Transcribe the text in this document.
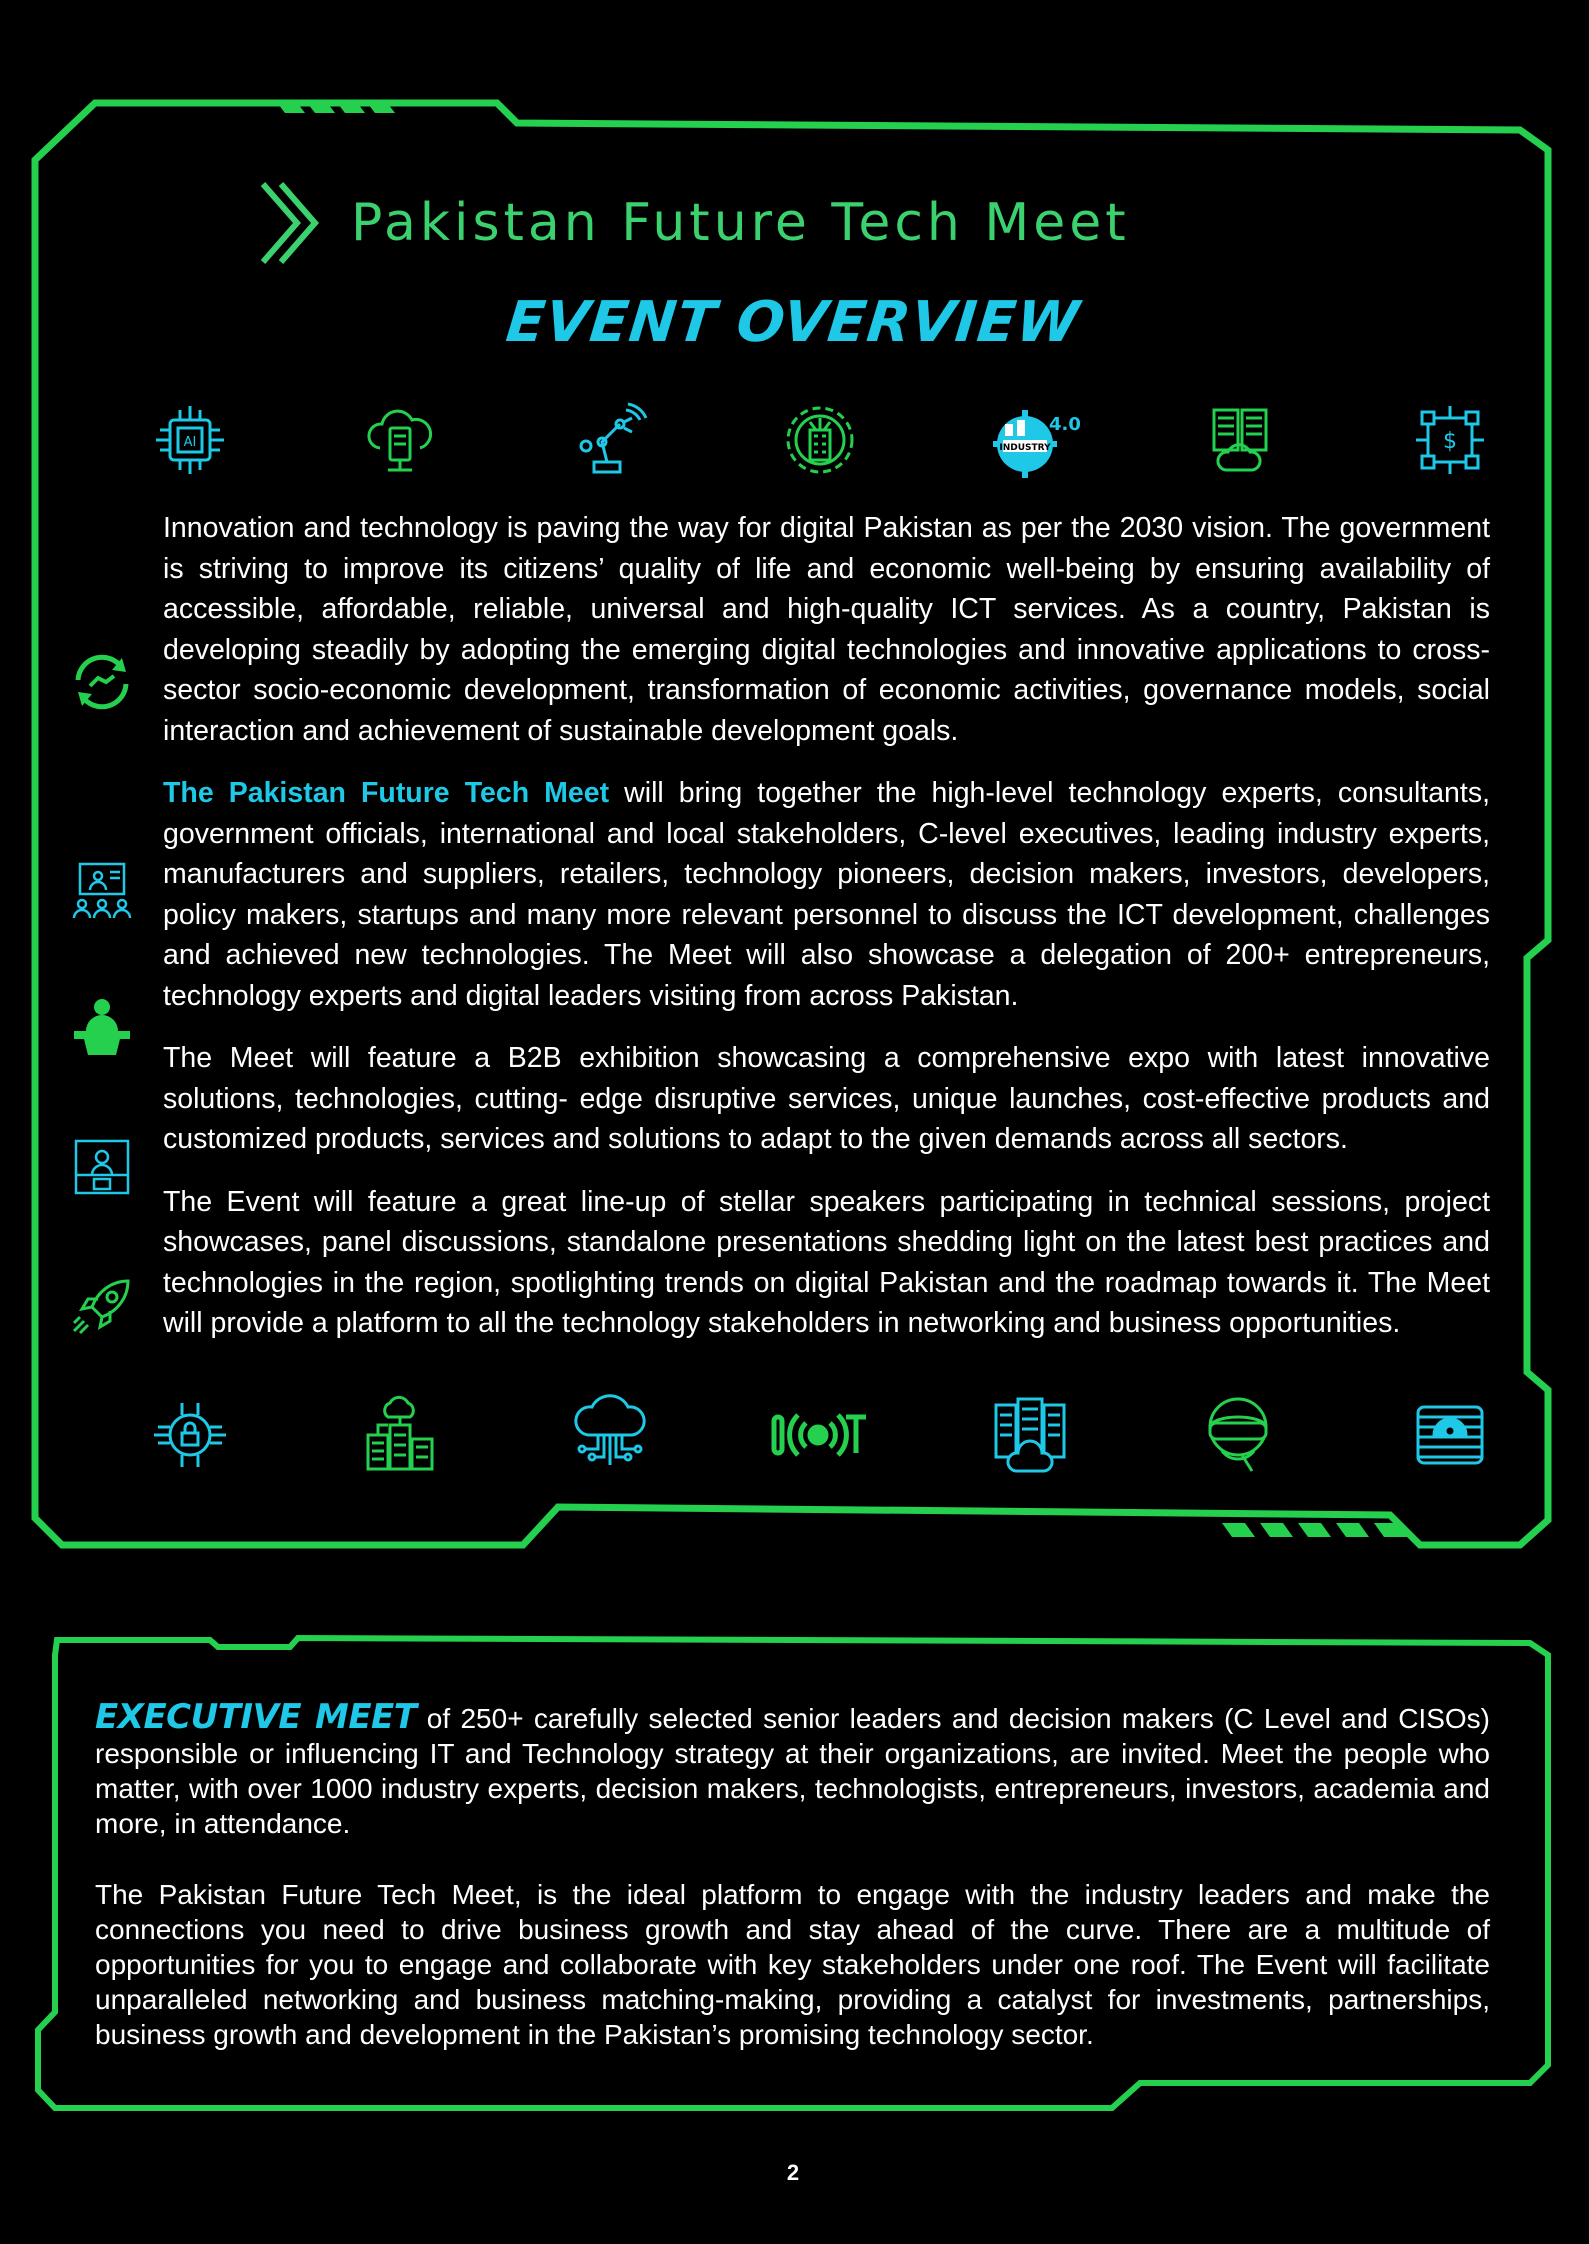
Pakistan Future Tech Meet
EVENT OVERVIEW
AI	INDUSTRY
4.0
$

Innovation and technology is paving the way for digital Pakistan as per the 2030 vision. The government is striving to improve its citizens’ quality of life and economic well-being by ensuring availability of accessible, affordable, reliable, universal and high-quality ICT services. As a country, Pakistan is developing steadily by adopting the emerging digital technologies and innovative applications to cross-sector socio-economic development, transformation of economic activities, governance models, social interaction and achievement of sustainable development goals.

The Pakistan Future Tech Meet will bring together the high-level technology experts, consultants, government officials, international and local stakeholders, C-level executives, leading industry experts, manufacturers and suppliers, retailers, technology pioneers, decision makers, investors, developers, policy makers, startups and many more relevant personnel to discuss the ICT development, challenges and achieved new technologies. The Meet will also showcase a delegation of 200+ entrepreneurs, technology experts and digital leaders visiting from across Pakistan.

The Meet will feature a B2B exhibition showcasing a comprehensive expo with latest innovative solutions, technologies, cutting- edge disruptive services, unique launches, cost-effective products and customized products, services and solutions to adapt to the given demands across all sectors.

The Event will feature a great line-up of stellar speakers participating in technical sessions, project showcases, panel discussions, standalone presentations shedding light on the latest best practices and technologies in the region, spotlighting trends on digital Pakistan and the roadmap towards it. The Meet will provide a platform to all the technology stakeholders in networking and business opportunities.

EXECUTIVE MEET of 250+ carefully selected senior leaders and decision makers (C Level and CISOs) responsible or influencing IT and Technology strategy at their organizations, are invited. Meet the people who matter, with over 1000 industry experts, decision makers, technologists, entrepreneurs, investors, academia and more, in attendance.

The Pakistan Future Tech Meet, is the ideal platform to engage with the industry leaders and make the connections you need to drive business growth and stay ahead of the curve. There are a multitude of opportunities for you to engage and collaborate with key stakeholders under one roof. The Event will facilitate unparalleled networking and business matching-making, providing a catalyst for investments, partnerships, business growth and development in the Pakistan’s promising technology sector.

2
